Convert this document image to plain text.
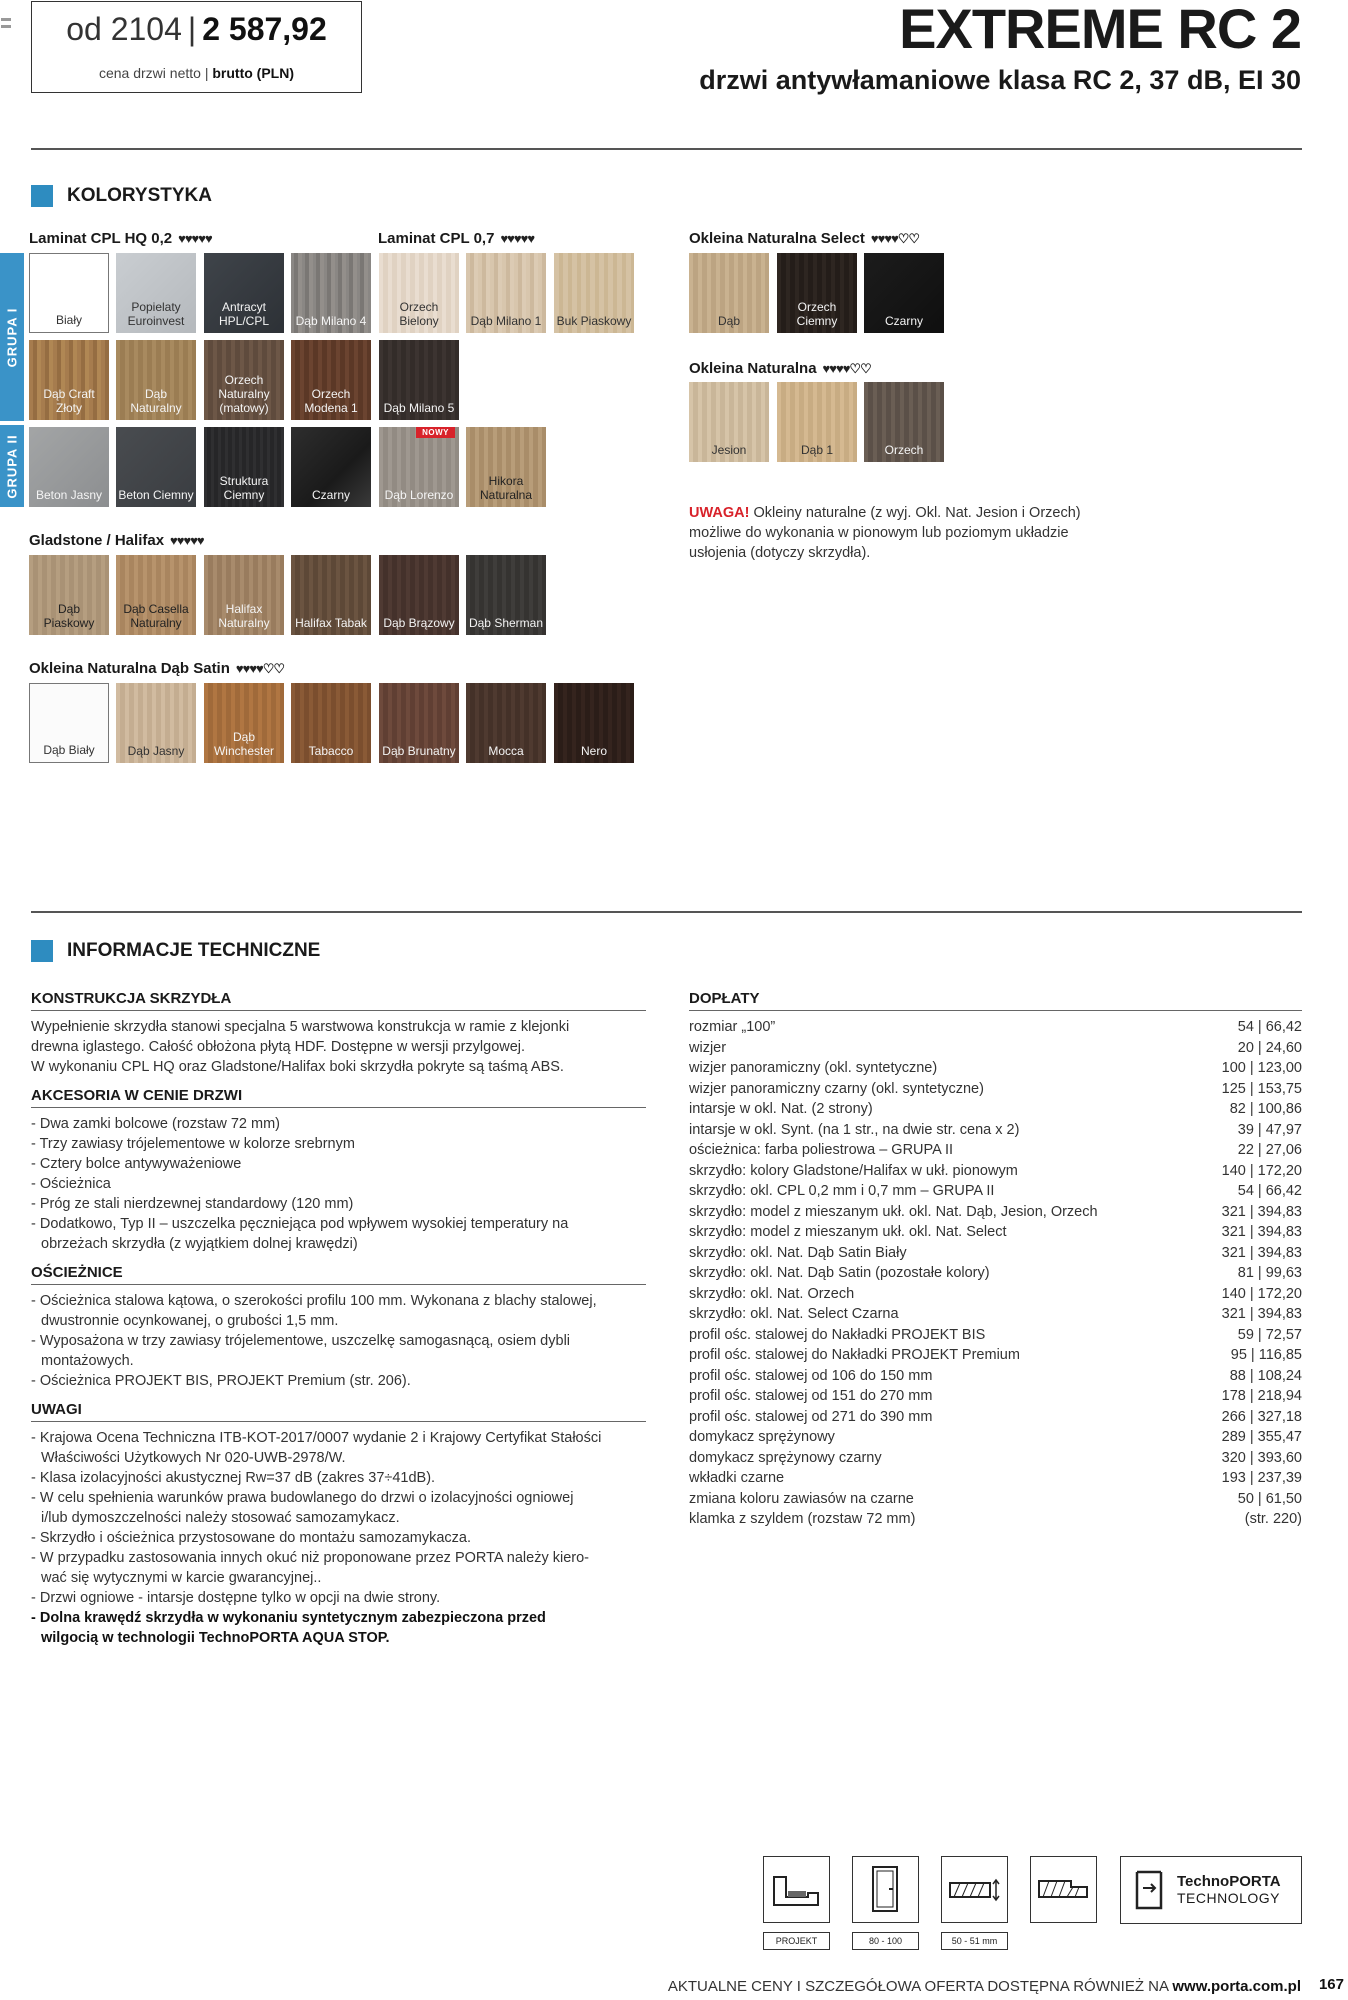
od 2104 | 2 587,92
cena drzwi netto | brutto (PLN)
EXTREME RC 2
drzwi antywłamaniowe klasa RC 2, 37 dB, EI 30
KOLORYSTYKA
GRUPA I
GRUPA II
Laminat CPL HQ 0,2 ♥♥♥♥♥	Laminat CPL 0,7 ♥♥♥♥♥	Okleina Naturalna Select ♥♥♥♥♡♡
Okleina Naturalna ♥♥♥♥♡♡
Gladstone / Halifax ♥♥♥♥♥
Okleina Naturalna Dąb Satin ♥♥♥♥♡♡
Biały
Popielaty Euroinvest
Antracyt HPL/CPL	Dąb Milano 4
Orzech Bielony	Dąb Milano 1	Buk Piaskowy
Dąb Craft Złoty
Dąb Naturalny
Orzech Naturalny (matowy)
Orzech Modena 1	Dąb Milano 5
Beton Jasny	Beton Ciemny
Struktura Ciemny	Czarny
NOWY
Dąb Lorenzo
Hikora Naturalna
Dąb Piaskowy
Dąb Casella Naturalny
Halifax Naturalny	Halifax Tabak	Dąb Brązowy	Dąb Sherman
Dąb Biały	Dąb Jasny
Dąb Winchester	Tabacco	Dąb Brunatny	Mocca	Nero
Dąb
Orzech Ciemny	Czarny
Jesion	Dąb 1	Orzech
UWAGA! Okleiny naturalne (z wyj. Okl. Nat. Jesion i Orzech) możliwe do wykonania w pionowym lub poziomym układzie usłojenia (dotyczy skrzydła).
INFORMACJE TECHNICZNE
KONSTRUKCJA SKRZYDŁA
Wypełnienie skrzydła stanowi specjalna 5 warstwowa konstrukcja w ramie z klejonki
drewna iglastego. Całość obłożona płytą HDF. Dostępne w wersji przylgowej.
W wykonaniu CPL HQ oraz Gladstone/Halifax boki skrzydła pokryte są taśmą ABS.
AKCESORIA W CENIE DRZWI
- Dwa zamki bolcowe (rozstaw 72 mm)
- Trzy zawiasy trójelementowe w kolorze srebrnym
- Cztery bolce antywyważeniowe
- Ościeżnica
- Próg ze stali nierdzewnej standardowy (120 mm)
- Dodatkowo, Typ II – uszczelka pęczniejąca pod wpływem wysokiej temperatury na
obrzeżach skrzydła (z wyjątkiem dolnej krawędzi)
OŚCIEŻNICE
- Ościeżnica stalowa kątowa, o szerokości profilu 100 mm. Wykonana z blachy stalowej,
dwustronnie ocynkowanej, o grubości 1,5 mm.
- Wyposażona w trzy zawiasy trójelementowe, uszczelkę samogasnącą, osiem dybli
montażowych.
- Ościeżnica PROJEKT BIS, PROJEKT Premium (str. 206).
UWAGI
- Krajowa Ocena Techniczna ITB-KOT-2017/0007 wydanie 2 i Krajowy Certyfikat Stałości
Właściwości Użytkowych Nr 020-UWB-2978/W.
- Klasa izolacyjności akustycznej Rw=37 dB (zakres 37÷41dB).
- W celu spełnienia warunków prawa budowlanego do drzwi o izolacyjności ogniowej
i/lub dymoszczelności należy stosować samozamykacz.
- Skrzydło i ościeżnica przystosowane do montażu samozamykacza.
- W przypadku zastosowania innych okuć niż proponowane przez PORTA należy kiero-
wać się wytycznymi w karcie gwarancyjnej..
- Drzwi ogniowe - intarsje dostępne tylko w opcji na dwie strony.
- Dolna krawędź skrzydła w wykonaniu syntetycznym zabezpieczona przed
wilgocią w technologii TechnoPORTA AQUA STOP.
DOPŁATY
rozmiar „100”	54 | 66,42
wizjer	20 | 24,60
wizjer panoramiczny (okl. syntetyczne)	100 | 123,00
wizjer panoramiczny czarny (okl. syntetyczne)	125 | 153,75
intarsje w okl. Nat. (2 strony)	82 | 100,86
intarsje w okl. Synt. (na 1 str., na dwie str. cena x 2)	39 | 47,97
ościeżnica: farba poliestrowa – GRUPA II	22 | 27,06
skrzydło: kolory Gladstone/Halifax w ukł. pionowym	140 | 172,20
skrzydło: okl. CPL 0,2 mm i 0,7 mm – GRUPA II	54 | 66,42
skrzydło: model z mieszanym ukł. okl. Nat. Dąb, Jesion, Orzech	321 | 394,83
skrzydło: model z mieszanym ukł. okl. Nat. Select	321 | 394,83
skrzydło: okl. Nat. Dąb Satin Biały	321 | 394,83
skrzydło: okl. Nat. Dąb Satin (pozostałe kolory)	81 | 99,63
skrzydło: okl. Nat. Orzech	140 | 172,20
skrzydło: okl. Nat. Select Czarna	321 | 394,83
profil ośc. stalowej do Nakładki PROJEKT BIS	59 | 72,57
profil ośc. stalowej do Nakładki PROJEKT Premium	95 | 116,85
profil ośc. stalowej od 106 do 150 mm	88 | 108,24
profil ośc. stalowej od 151 do 270 mm	178 | 218,94
profil ośc. stalowej od 271 do 390 mm	266 | 327,18
domykacz sprężynowy	289 | 355,47
domykacz sprężynowy czarny	320 | 393,60
wkładki czarne	193 | 237,39
zmiana koloru zawiasów na czarne	50 | 61,50
klamka z szyldem (rozstaw 72 mm)	(str. 220)
PROJEKT	80 - 100	50 - 51 mm
TechnoPORTA
TECHNOLOGY
AKTUALNE CENY I SZCZEGÓŁOWA OFERTA DOSTĘPNA RÓWNIEŻ NA www.porta.com.pl 167
